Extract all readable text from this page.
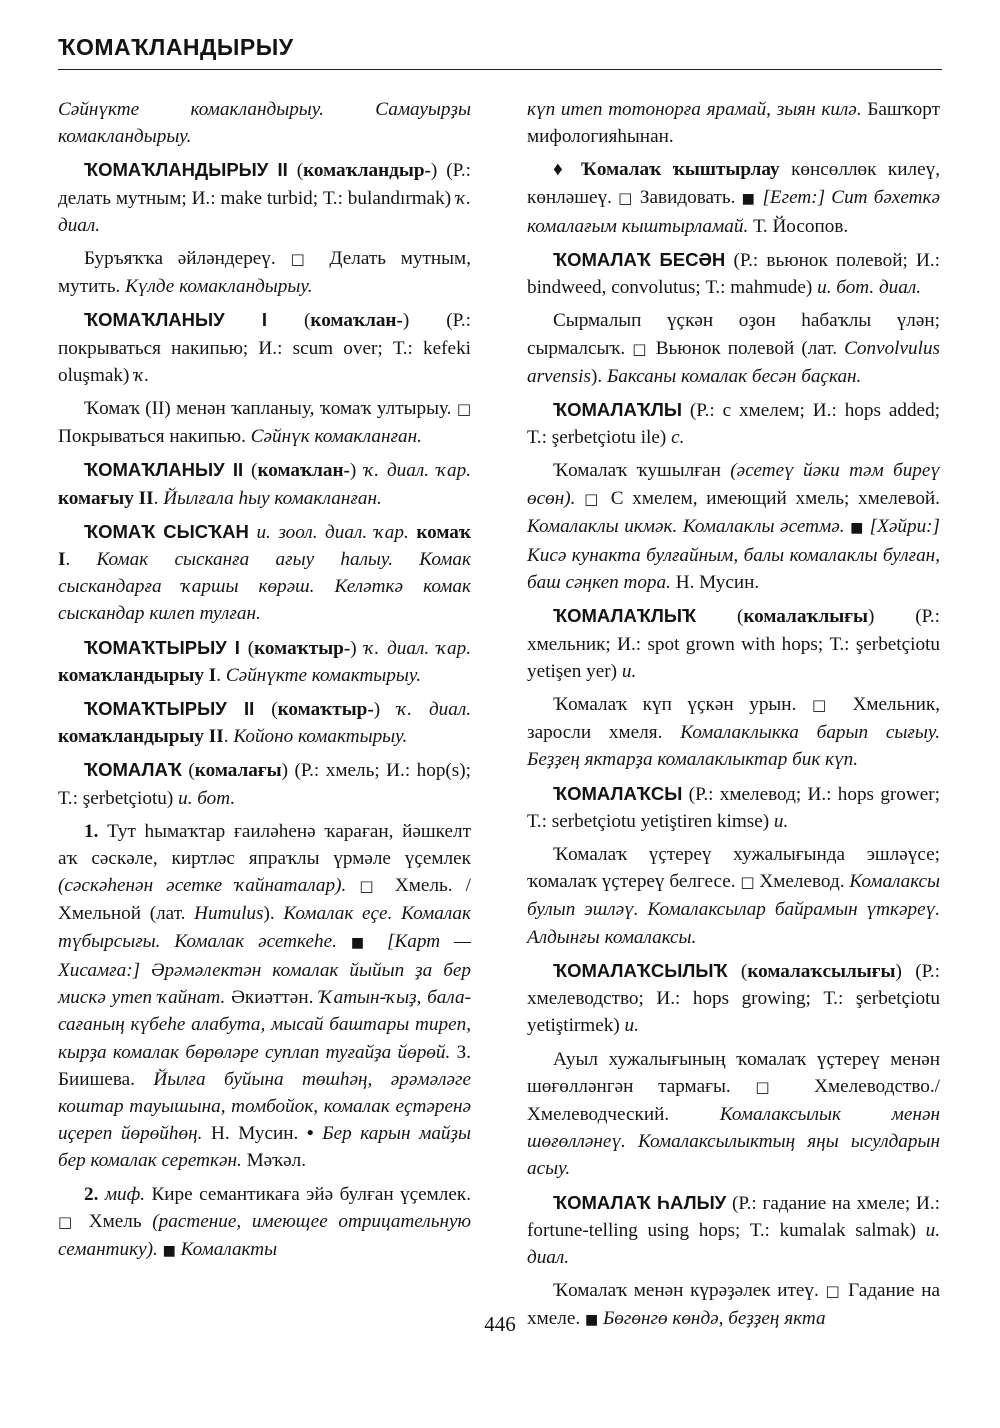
ҠОМАҠЛАНДЫРЫУ

Сәйнүкте комакландырыу. Самауырҙы комакландырыу.

ҠОМАҠЛАНДЫРЫУ II (комаҡландыр-) (Р.: делать мутным; И.: make turbid; Т.: bulandırmak) ҡ. диал.

Буръяҡҡа әйләндереү. □ Делать мутным, мутить. Күлде комакландырыу.

ҠОМАҠЛАНЫУ I (комаҡлан-) (Р.: покрываться накипью; И.: scum over; Т.: kefeki oluşmak) ҡ.

Ҡомаҡ (II) менән ҡапланыу, ҡомаҡ ултырыу. □ Покрываться накипью. Сәйнүк комакланған.

ҠОМАҠЛАНЫУ II (комаҡлан-) ҡ. диал. ҡар. комағыу II. Йылғала һыу комакланған.

ҠОМАҠ СЫСҠАН и. зоол. диал. ҡар. комаҡ I. Комак сысканға ағыу һалыу. Комак сыскандарға ҡаршы көрәш. Келәткә комак сыскандар килеп тулған.

ҠОМАҠТЫРЫУ I (комаҡтыр-) ҡ. диал. ҡар. комаҡландырыу I. Сәйнүкте комактырыу.

ҠОМАҠТЫРЫУ II (комаҡтыр-) ҡ. диал. комаҡландырыу II. Койоно комактырыу.

ҠОМАЛАҠ (комалағы) (Р.: хмель; И.: hop(s); Т.: şerbetçiotu) и. бот.

1. Тут һымаҡтар ғаиләһенә ҡараған, йәшкелт аҡ сәскәле, киртләс япраҡлы үрмәле үҫемлек (сәскәһенән әсетке ҡайнаталар). □ Хмель. / Хмельной (лат. Humulus). Комалак еҫе. Комалак түбырсығы. Комалак әсеткеһе. ■ [Карт — Хисамға:] Әрәмәлектән комалак йыйып ҙа бер мискә утеп ҡайнат. Әкиәттән. Ҡатын-ҡыҙ, бала-сағаның күбеһе алабута, мысай баштары тиреп, кырҙа комалак бөрөләре суплап туғайҙа йөрөй. З. Биишева. Йылға буйына төшһәң, әрәмәләге коштар тауышына, томбойок, комалак еҫтәренә иҫереп йөрөйһөң. Н. Мусин. • Бер карын майҙы бер комалак сереткән. Мәҡәл.

2. миф. Кире семантикаға эйә булған үҫемлек. □ Хмель (растение, имеющее отрицательную семантику). ■ Комалакты

күп итеп тотонорға ярамай, зыян килә. Башҡорт мифологияһынан.

♦ Ҡомалаҡ ҡыштырлау көнсөллөк килеү, көнләшеү. □ Завидовать. ■ [Егет:] Сит бәхеткә комалағым кыштырламай. Т. Йосопов.

ҠОМАЛАҠ БЕСӘН (Р.: вьюнок полевой; И.: bindweed, convolutus; Т.: mahmude) и. бот. диал.

Сырмалып үҫкән оҙон һабаҡлы үлән; сырмалсыҡ. □ Вьюнок полевой (лат. Convolvulus arvensis). Баксаны комалак бесән баҫкан.

ҠОМАЛАҠЛЫ (Р.: с хмелем; И.: hops added; Т.: şerbetçiotu ile) с.

Ҡомалаҡ ҡушылған (әсетеү йәки тәм биреү өсөн). □ С хмелем, имеющий хмель; хмелевой. Комалаклы икмәк. Комалаклы әсетмә. ■ [Хәйри:] Кисә кунакта булғайным, балы комалаклы булған, баш сәңкеп тора. Н. Мусин.

ҠОМАЛАҠЛЫҠ (комалаҡлығы) (Р.: хмельник; И.: spot grown with hops; Т.: şerbetçiotu yetişen yer) и.

Ҡомалаҡ күп үҫкән урын. □ Хмельник, заросли хмеля. Комалаклыкка барып сығыу. Беҙҙең яктарҙа комалаклыктар бик күп.

ҠОМАЛАҠСЫ (Р.: хмелевод; И.: hops grower; Т.: serbetçiotu yetiştiren kimse) и.

Ҡомалаҡ үҫтереү хужалығында эшләүсе; ҡомалаҡ үҫтереү белгесе. □ Хмелевод. Комалаксы булып эшләү. Комалаксылар байрамын үткәреү. Алдынғы комалаксы.

ҠОМАЛАҠСЫЛЫҠ (комалаҡсылығы) (Р.: хмелеводство; И.: hops growing; Т.: şerbetçiotu yetiştirmek) и.

Ауыл хужалығының ҡомалаҡ үҫтереү менән шөғөлләнгән тармағы. □ Хмелеводство./Хмелеводческий. Комалаксылык менән шөғөлләнеү. Комалаксылыктың яңы ысулдарын асыу.

ҠОМАЛАҠ ҺАЛЫУ (Р.: гадание на хмеле; И.: fortune-telling using hops; Т.: kumalak salmak) и. диал.

Ҡомалаҡ менән күрәҙәлек итеү. □ Гадание на хмеле. ■ Бөгөнгө көндә, беҙҙең якта

446
